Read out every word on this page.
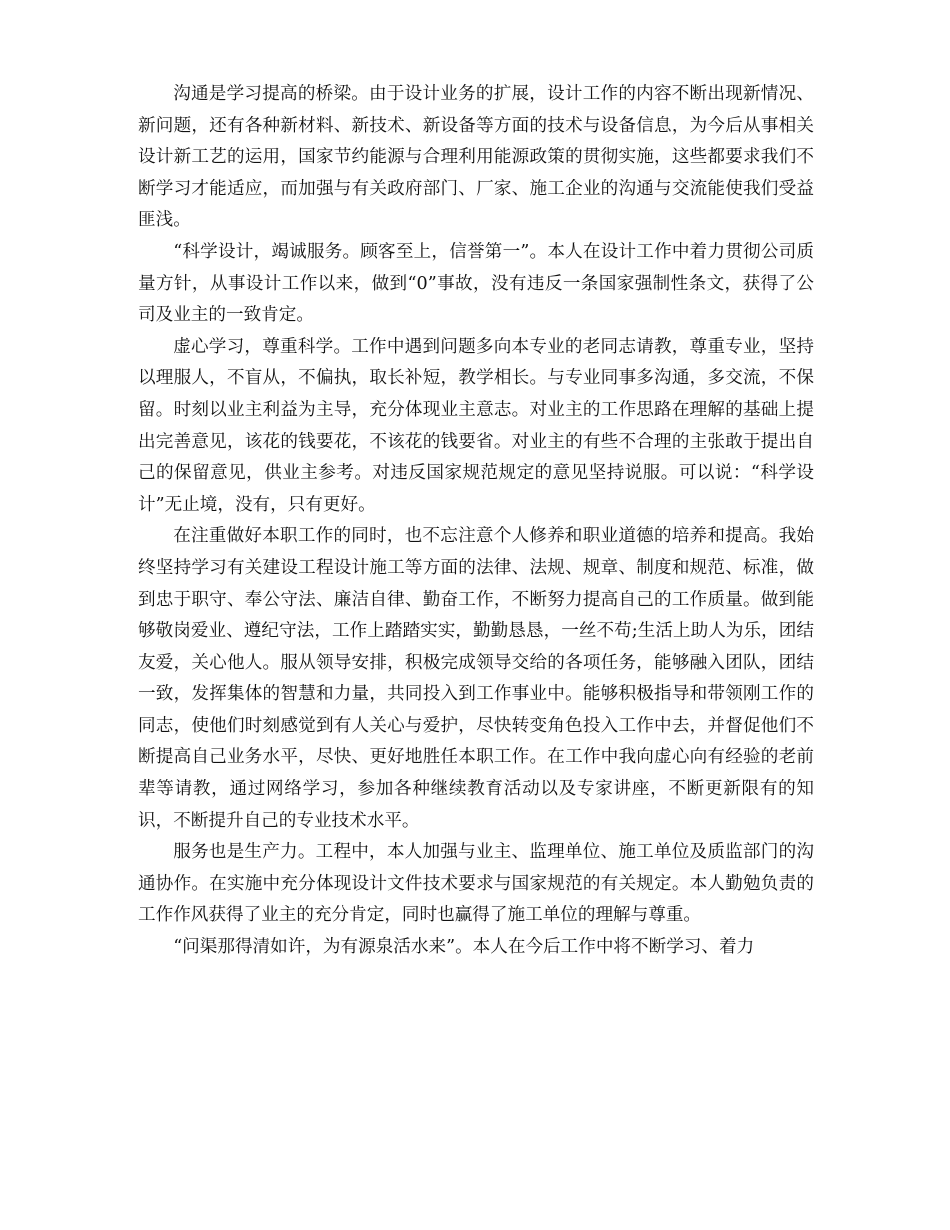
沟通是学习提高的桥梁。由于设计业务的扩展，设计工作的内容不断出现新情况、新问题，还有各种新材料、新技术、新设备等方面的技术与设备信息，为今后从事相关设计新工艺的运用，国家节约能源与合理利用能源政策的贯彻实施，这些都要求我们不断学习才能适应，而加强与有关政府部门、厂家、施工企业的沟通与交流能使我们受益匪浅。

“科学设计，竭诚服务。顾客至上，信誉第一”。本人在设计工作中着力贯彻公司质量方针，从事设计工作以来，做到“0”事故，没有违反一条国家强制性条文，获得了公司及业主的一致肯定。

虚心学习，尊重科学。工作中遇到问题多向本专业的老同志请教，尊重专业，坚持以理服人，不盲从，不偏执，取长补短，教学相长。与专业同事多沟通，多交流，不保留。时刻以业主利益为主导，充分体现业主意志。对业主的工作思路在理解的基础上提出完善意见，该花的钱要花，不该花的钱要省。对业主的有些不合理的主张敢于提出自己的保留意见，供业主参考。对违反国家规范规定的意见坚持说服。可以说：“科学设计”无止境，没有，只有更好。

在注重做好本职工作的同时，也不忘注意个人修养和职业道德的培养和提高。我始终坚持学习有关建设工程设计施工等方面的法律、法规、规章、制度和规范、标准，做到忠于职守、奉公守法、廉洁自律、勤奋工作，不断努力提高自己的工作质量。做到能够敬岗爱业、遵纪守法，工作上踏踏实实，勤勤恳恳，一丝不苟;生活上助人为乐，团结友爱，关心他人。服从领导安排，积极完成领导交给的各项任务，能够融入团队，团结一致，发挥集体的智慧和力量，共同投入到工作事业中。能够积极指导和带领刚工作的同志，使他们时刻感觉到有人关心与爱护，尽快转变角色投入工作中去，并督促他们不断提高自己业务水平，尽快、更好地胜任本职工作。在工作中我向虚心向有经验的老前辈等请教，通过网络学习，参加各种继续教育活动以及专家讲座，不断更新限有的知识，不断提升自己的专业技术水平。

服务也是生产力。工程中，本人加强与业主、监理单位、施工单位及质监部门的沟通协作。在实施中充分体现设计文件技术要求与国家规范的有关规定。本人勤勉负责的工作作风获得了业主的充分肯定，同时也赢得了施工单位的理解与尊重。

“问渠那得清如许，为有源泉活水来”。本人在今后工作中将不断学习、着力
